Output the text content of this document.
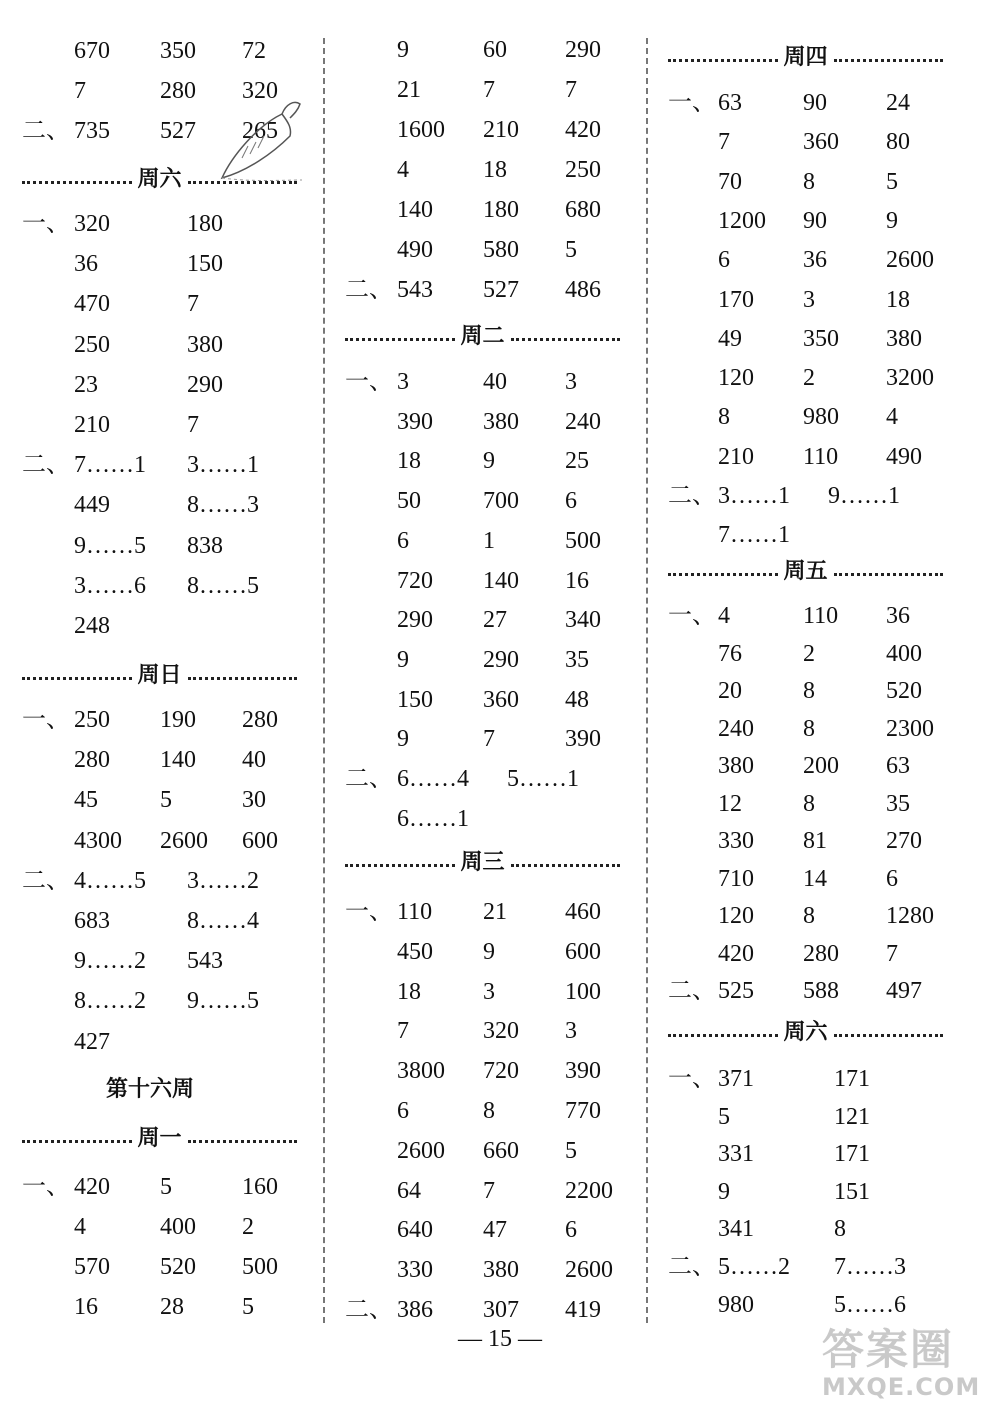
670 350 72
7	280 320
二、 735 527 265
周六
一、 320	180
36	150
470	7
250	380
23	290
210	7
二、 7……1 3……1
449	8……3
9……5 838
3……6 8……5
248
周日
一、 250 190 280
280 140 40
45	5	30
4300 2600 600
二、 4……5 3……2
683	8……4
9……2 543
8……2 9……5
427
第十六周
周一
一、 420 5	160
4	400 2
570 520 500
16	28 5
9	60 290
21	7	7
1600 210 420
4	18 250
140 180 680
490 580 5
二、 543 527 486
周二
一、 3	40 3
390 380 240
18	9	25
50	700 6
6	1	500
720 140 16
290 27 340
9	290 35
150 360 48
9	7	390
二、 6……4 5……1
6……1
周三
一、 110 21 460
450 9	600
18	3	100
7	320 3
3800 720 390
6	8	770
2600 660 5
64	7	2200
640 47 6
330 380 2600
二、 386 307 419
周四
一、 63	90 24
7	360 80
70	8	5
1200 90 9
6	36 2600
170 3	18
49	350 380
120 2	3200
8	980 4
210 110 490
二、 3……1 9……1
7……1
周五
一、 4	110 36
76	2	400
20	8	520
240 8	2300
380 200 63
12	8	35
330 81 270
710 14 6
120 8	1280
420 280 7
二、 525 588 497
周六
一、 371	171
5	121
331	171
9	151
341	8
二、 5……2 7……3
980	5……6
— 15 —	答案圈
MXQE.COM
